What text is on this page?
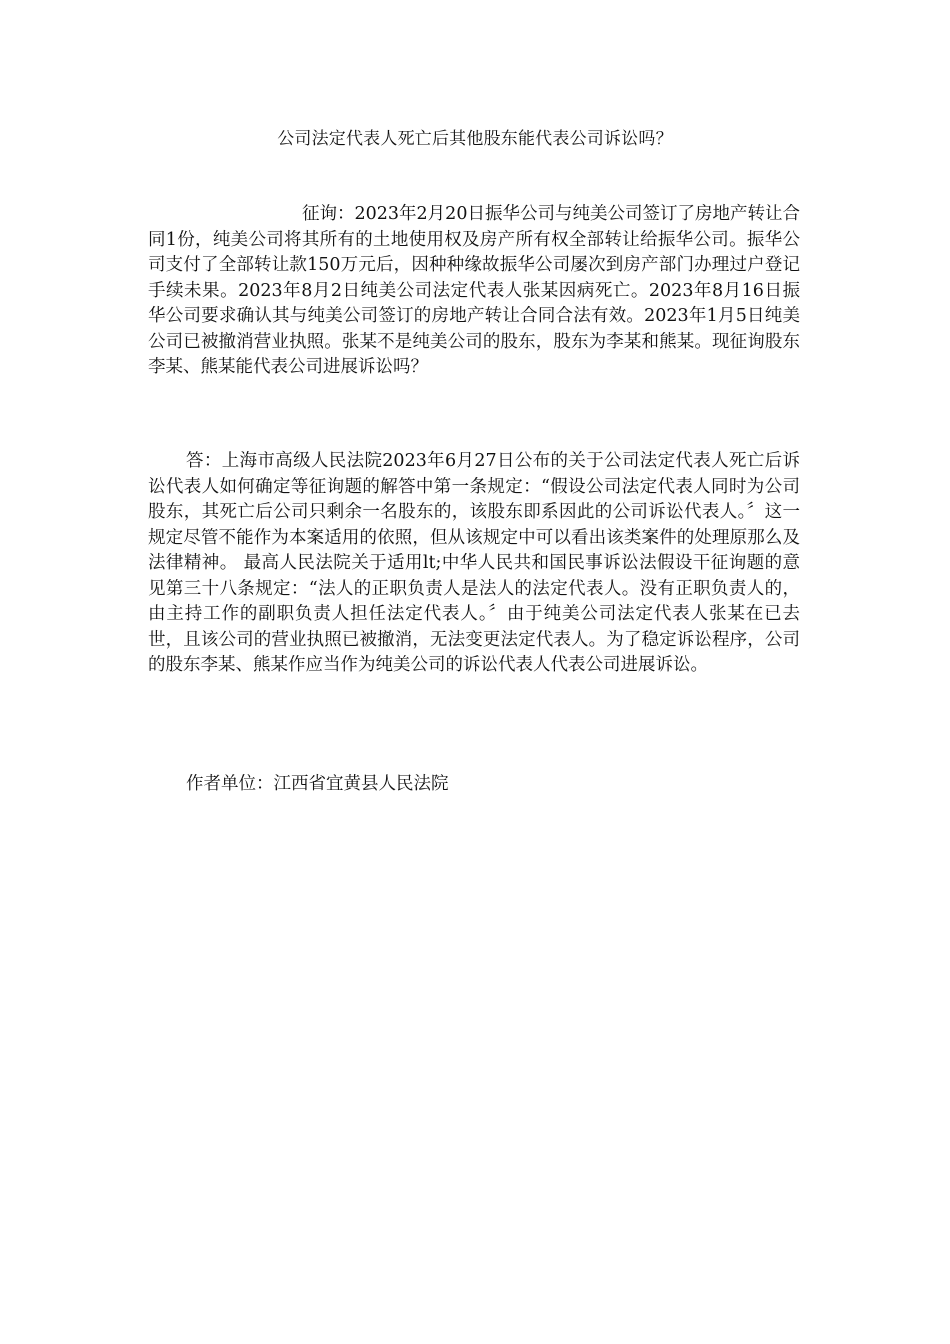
公司法定代表人死亡后其他股东能代表公司诉讼吗？

征询：2023年2月20日振华公司与纯美公司签订了房地产转让合同1份，纯美公司将其所有的土地使用权及房产所有权全部转让给振华公司。振华公司支付了全部转让款150万元后，因种种缘故振华公司屡次到房产部门办理过户登记手续未果。2023年8月2日纯美公司法定代表人张某因病死亡。2023年8月16日振华公司要求确认其与纯美公司签订的房地产转让合同合法有效。2023年1月5日纯美公司已被撤消营业执照。张某不是纯美公司的股东，股东为李某和熊某。现征询股东李某、熊某能代表公司进展诉讼吗？

答：上海市高级人民法院2023年6月27日公布的关于公司法定代表人死亡后诉讼代表人如何确定等征询题的解答中第一条规定：“假设公司法定代表人同时为公司股东，其死亡后公司只剩余一名股东的，该股东即系因此的公司诉讼代表人。〞这一规定尽管不能作为本案适用的依照，但从该规定中可以看出该类案件的处理原那么及法律精神。 最高人民法院关于适用lt;中华人民共和国民事诉讼法假设干征询题的意见第三十八条规定：“法人的正职负责人是法人的法定代表人。没有正职负责人的，由主持工作的副职负责人担任法定代表人。〞由于纯美公司法定代表人张某在已去世，且该公司的营业执照已被撤消，无法变更法定代表人。为了稳定诉讼程序，公司的股东李某、熊某作应当作为纯美公司的诉讼代表人代表公司进展诉讼。

作者单位：江西省宜黄县人民法院
